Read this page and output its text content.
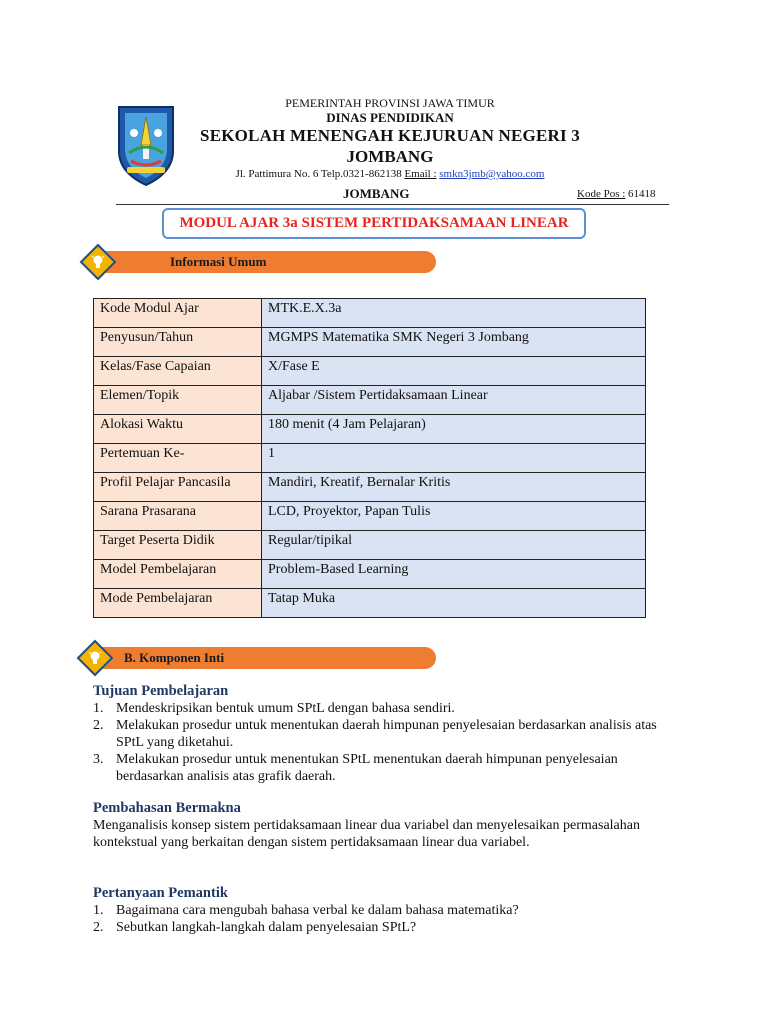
PEMERINTAH PROVINSI JAWA TIMUR
DINAS PENDIDIKAN
SEKOLAH MENENGAH KEJURUAN NEGERI 3
JOMBANG
Jl. Pattimura No. 6 Telp.0321-862138 Email : smkn3jmb@yahoo.com
JOMBANG	Kode Pos : 61418
MODUL AJAR 3a SISTEM PERTIDAKSAMAAN LINEAR
Informasi Umum
Kode Modul Ajar	MTK.E.X.3a
Penyusun/Tahun	MGMPS Matematika SMK Negeri 3 Jombang
Kelas/Fase Capaian	X/Fase E
Elemen/Topik	Aljabar /Sistem Pertidaksamaan Linear
Alokasi Waktu	180 menit (4 Jam Pelajaran)
Pertemuan Ke-	1
Profil Pelajar Pancasila	Mandiri, Kreatif, Bernalar Kritis
Sarana Prasarana	LCD, Proyektor, Papan Tulis
Target Peserta Didik	Regular/tipikal
Model Pembelajaran	Problem-Based Learning
Mode Pembelajaran	Tatap Muka
B. Komponen Inti
Tujuan Pembelajaran
1. Mendeskripsikan bentuk umum SPtL dengan bahasa sendiri.
2. Melakukan prosedur untuk menentukan daerah himpunan penyelesaian berdasarkan analisis atas SPtL yang diketahui.
3. Melakukan prosedur untuk menentukan SPtL menentukan daerah himpunan penyelesaian berdasarkan analisis atas grafik daerah.
Pembahasan Bermakna
Menganalisis konsep sistem pertidaksamaan linear dua variabel dan menyelesaikan permasalahan kontekstual yang berkaitan dengan sistem pertidaksamaan linear dua variabel.
Pertanyaan Pemantik
1. Bagaimana cara mengubah bahasa verbal ke dalam bahasa matematika?
2. Sebutkan langkah-langkah dalam penyelesaian SPtL?
